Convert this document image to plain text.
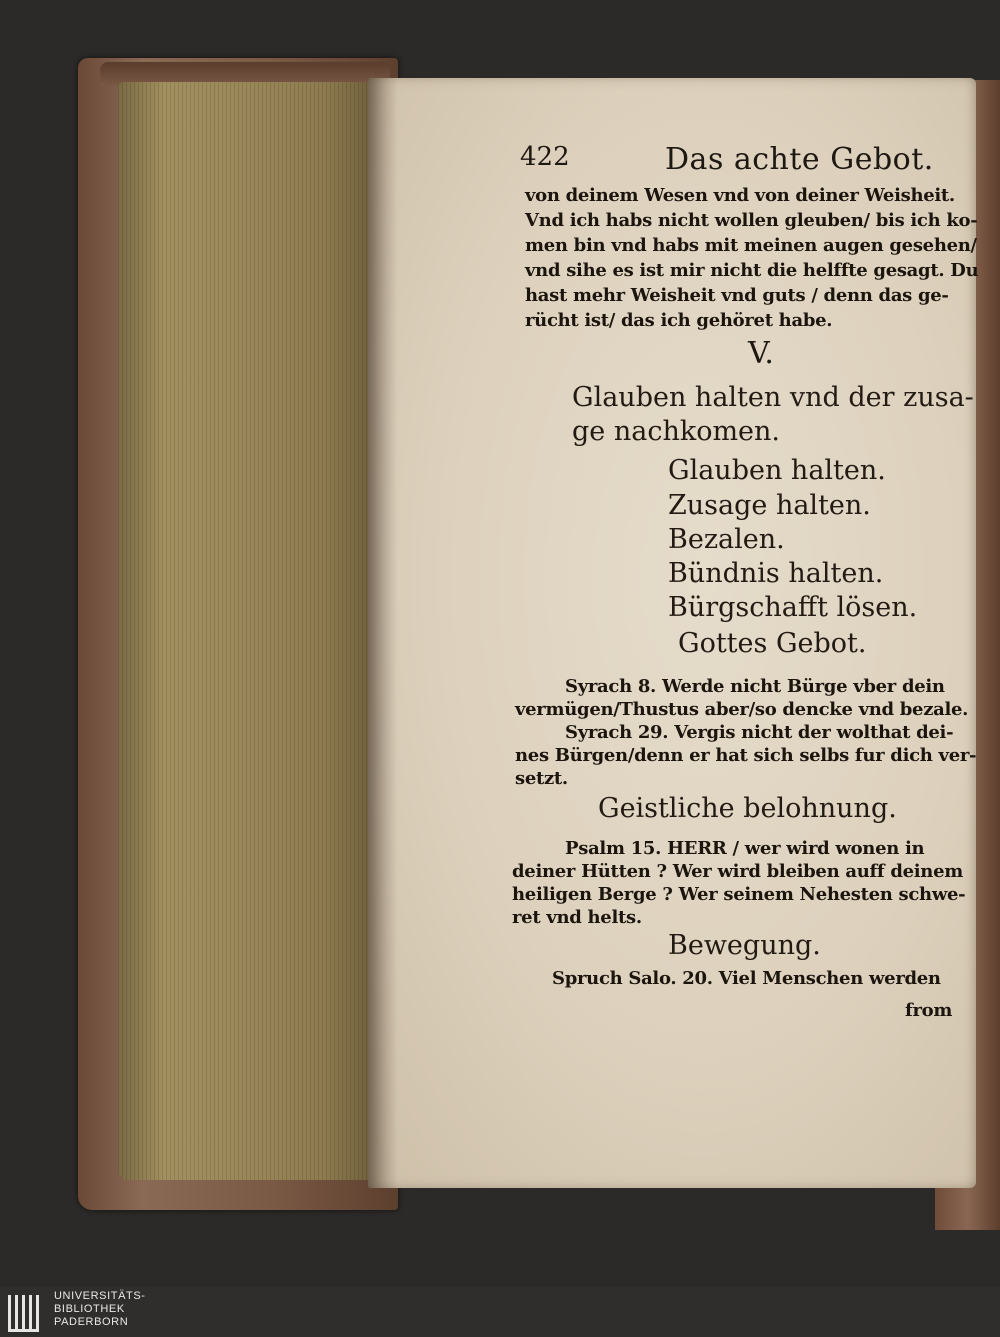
422	Das achte Gebot.
von deinem Wesen vnd von deiner Weisheit.
Vnd ich habs nicht wollen gleuben/ bis ich ko-
men bin vnd habs mit meinen augen gesehen/
vnd sihe es ist mir nicht die helffte gesagt. Du
hast mehr Weisheit vnd guts / denn das ge-
rücht ist/ das ich gehöret habe.
V.
Glauben halten vnd der zusa-
ge nachkomen.
Glauben halten.
Zusage halten.
Bezalen.
Bündnis halten.
Bürgschafft lösen.
Gottes Gebot.
Syrach 8. Werde nicht Bürge vber dein
vermügen/Thustus aber/so dencke vnd bezale.
Syrach 29. Vergis nicht der wolthat dei-
nes Bürgen/denn er hat sich selbs fur dich ver-
setzt.
Geistliche belohnung.
Psalm 15. HERR / wer wird wonen in
deiner Hütten ? Wer wird bleiben auff deinem
heiligen Berge ? Wer seinem Nehesten schwe-
ret vnd helts.
Bewegung.
Spruch Salo. 20. Viel Menschen werden
from
UNIVERSITÄTS-
BIBLIOTHEK
PADERBORN
